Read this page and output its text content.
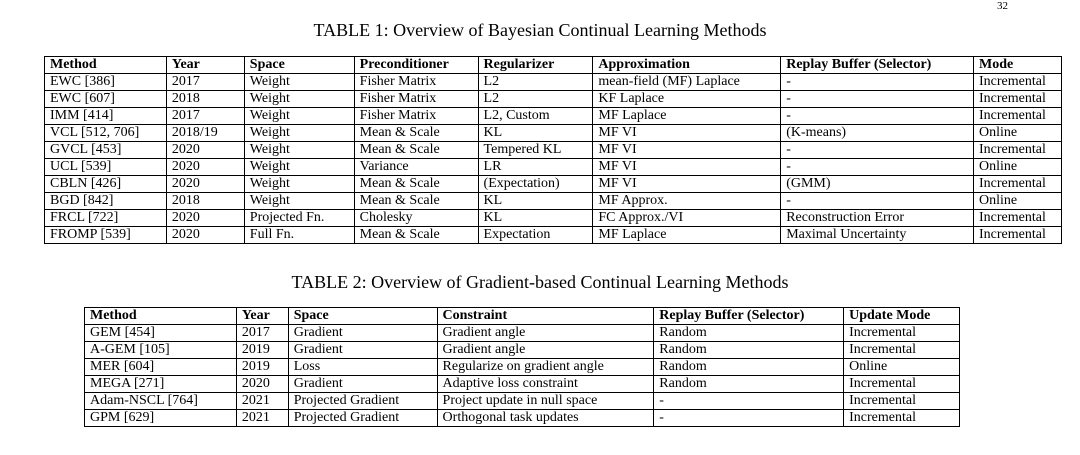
32
TABLE 1: Overview of Bayesian Continual Learning Methods
Method	Year	Space	Preconditioner	Regularizer	Approximation	Replay Buffer (Selector)	Mode
EWC [386]	2017	Weight	Fisher Matrix	L2	mean-field (MF) Laplace	-	Incremental
EWC [607]	2018	Weight	Fisher Matrix	L2	KF Laplace	-	Incremental
IMM [414]	2017	Weight	Fisher Matrix	L2, Custom	MF Laplace	-	Incremental
VCL [512, 706]	2018/19	Weight	Mean & Scale	KL	MF VI	(K-means)	Online
GVCL [453]	2020	Weight	Mean & Scale	Tempered KL	MF VI	-	Incremental
UCL [539]	2020	Weight	Variance	LR	MF VI	-	Online
CBLN [426]	2020	Weight	Mean & Scale	(Expectation)	MF VI	(GMM)	Incremental
BGD [842]	2018	Weight	Mean & Scale	KL	MF Approx.	-	Online
FRCL [722]	2020	Projected Fn.	Cholesky	KL	FC Approx./VI	Reconstruction Error	Incremental
FROMP [539]	2020	Full Fn.	Mean & Scale	Expectation	MF Laplace	Maximal Uncertainty	Incremental
TABLE 2: Overview of Gradient-based Continual Learning Methods
Method	Year	Space	Constraint	Replay Buffer (Selector)	Update Mode
GEM [454]	2017	Gradient	Gradient angle	Random	Incremental
A-GEM [105]	2019	Gradient	Gradient angle	Random	Incremental
MER [604]	2019	Loss	Regularize on gradient angle	Random	Online
MEGA [271]	2020	Gradient	Adaptive loss constraint	Random	Incremental
Adam-NSCL [764]	2021	Projected Gradient	Project update in null space	-	Incremental
GPM [629]	2021	Projected Gradient	Orthogonal task updates	-	Incremental
